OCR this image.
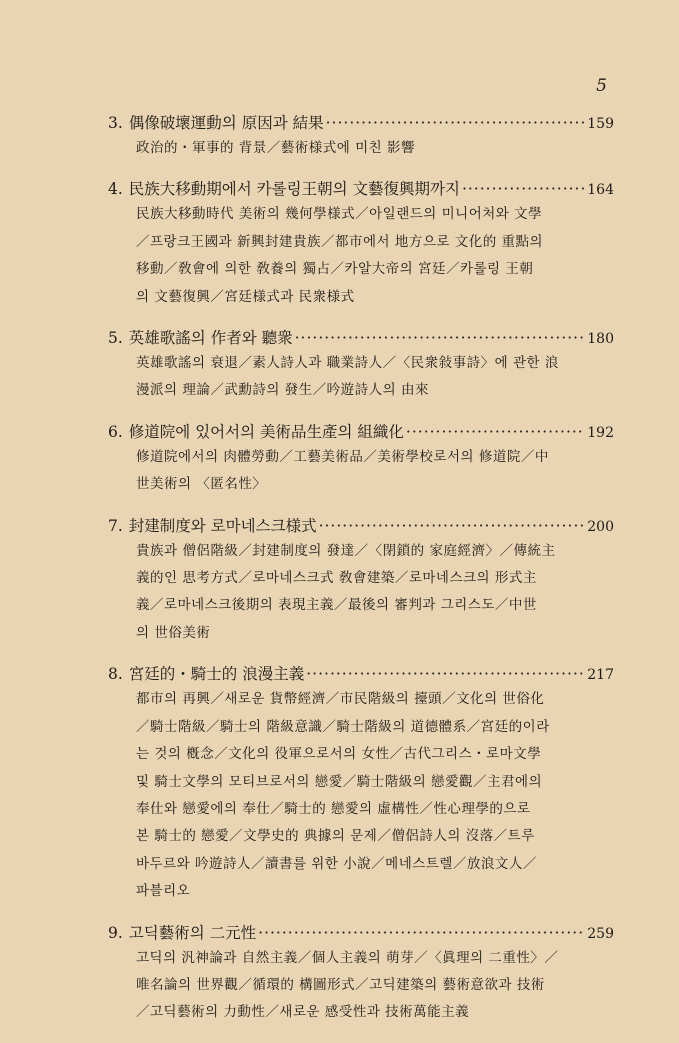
5
3. 偶像破壞運動의 原因과 結果 ·····	159
政治的・軍事的 背景／藝術様式에 미친 影響
4. 民族大移動期에서 카롤링王朝의 文藝復興期까지 ·····	164
民族大移動時代 美術의 幾何學様式／아일랜드의 미니어처와 文學
／프랑크王國과 新興封建貴族／都市에서 地方으로 文化的 重點의
移動／敎會에 의한 敎養의 獨占／카알大帝의 宮廷／카롤링 王朝
의 文藝復興／宮廷様式과 民衆様式
5. 英雄歌謠의 作者와 聽衆 ·····	180
英雄歌謠의 衰退／素人詩人과 職業詩人／〈民衆敍事詩〉에 관한 浪
漫派의 理論／武勳詩의 發生／吟遊詩人의 由來
6. 修道院에 있어서의 美術品生產의 組織化 ·····	192
修道院에서의 肉體勞動／工藝美術品／美術學校로서의 修道院／中
世美術의 〈匿名性〉
7. 封建制度와 로마네스크様式 ·····	200
貴族과 僧侶階級／封建制度의 發達／〈閉鎖的 家庭經濟〉／傳統主
義的인 思考方式／로마네스크式 敎會建築／로마네스크의 形式主
義／로마네스크後期의 表現主義／最後의 審判과 그리스도／中世
의 世俗美術
8. 宮廷的・騎士的 浪漫主義 ·····	217
都市의 再興／새로운 貨幣經濟／市民階級의 擡頭／文化의 世俗化
／騎士階級／騎士의 階級意識／騎士階級의 道德體系／宮廷的이라
는 것의 槪念／文化의 役軍으로서의 女性／古代그리스・로마文學
및 騎士文學의 모티브로서의 戀愛／騎士階級의 戀愛觀／主君에의
奉仕와 戀愛에의 奉仕／騎士的 戀愛의 虛構性／性心理學的으로
본 騎士的 戀愛／文學史的 典據의 문제／僧侶詩人의 沒落／트루
바두르와 吟遊詩人／讀書를 위한 小說／메네스트렐／放浪文人／
파블리오
9. 고딕藝術의 二元性 ·····	259
고딕의 汎神論과 自然主義／個人主義의 萌芽／〈眞理의 二重性〉／
唯名論의 世界觀／循環的 構圖形式／고딕建築의 藝術意欲과 技術
／고딕藝術의 力動性／새로운 感受性과 技術萬能主義
